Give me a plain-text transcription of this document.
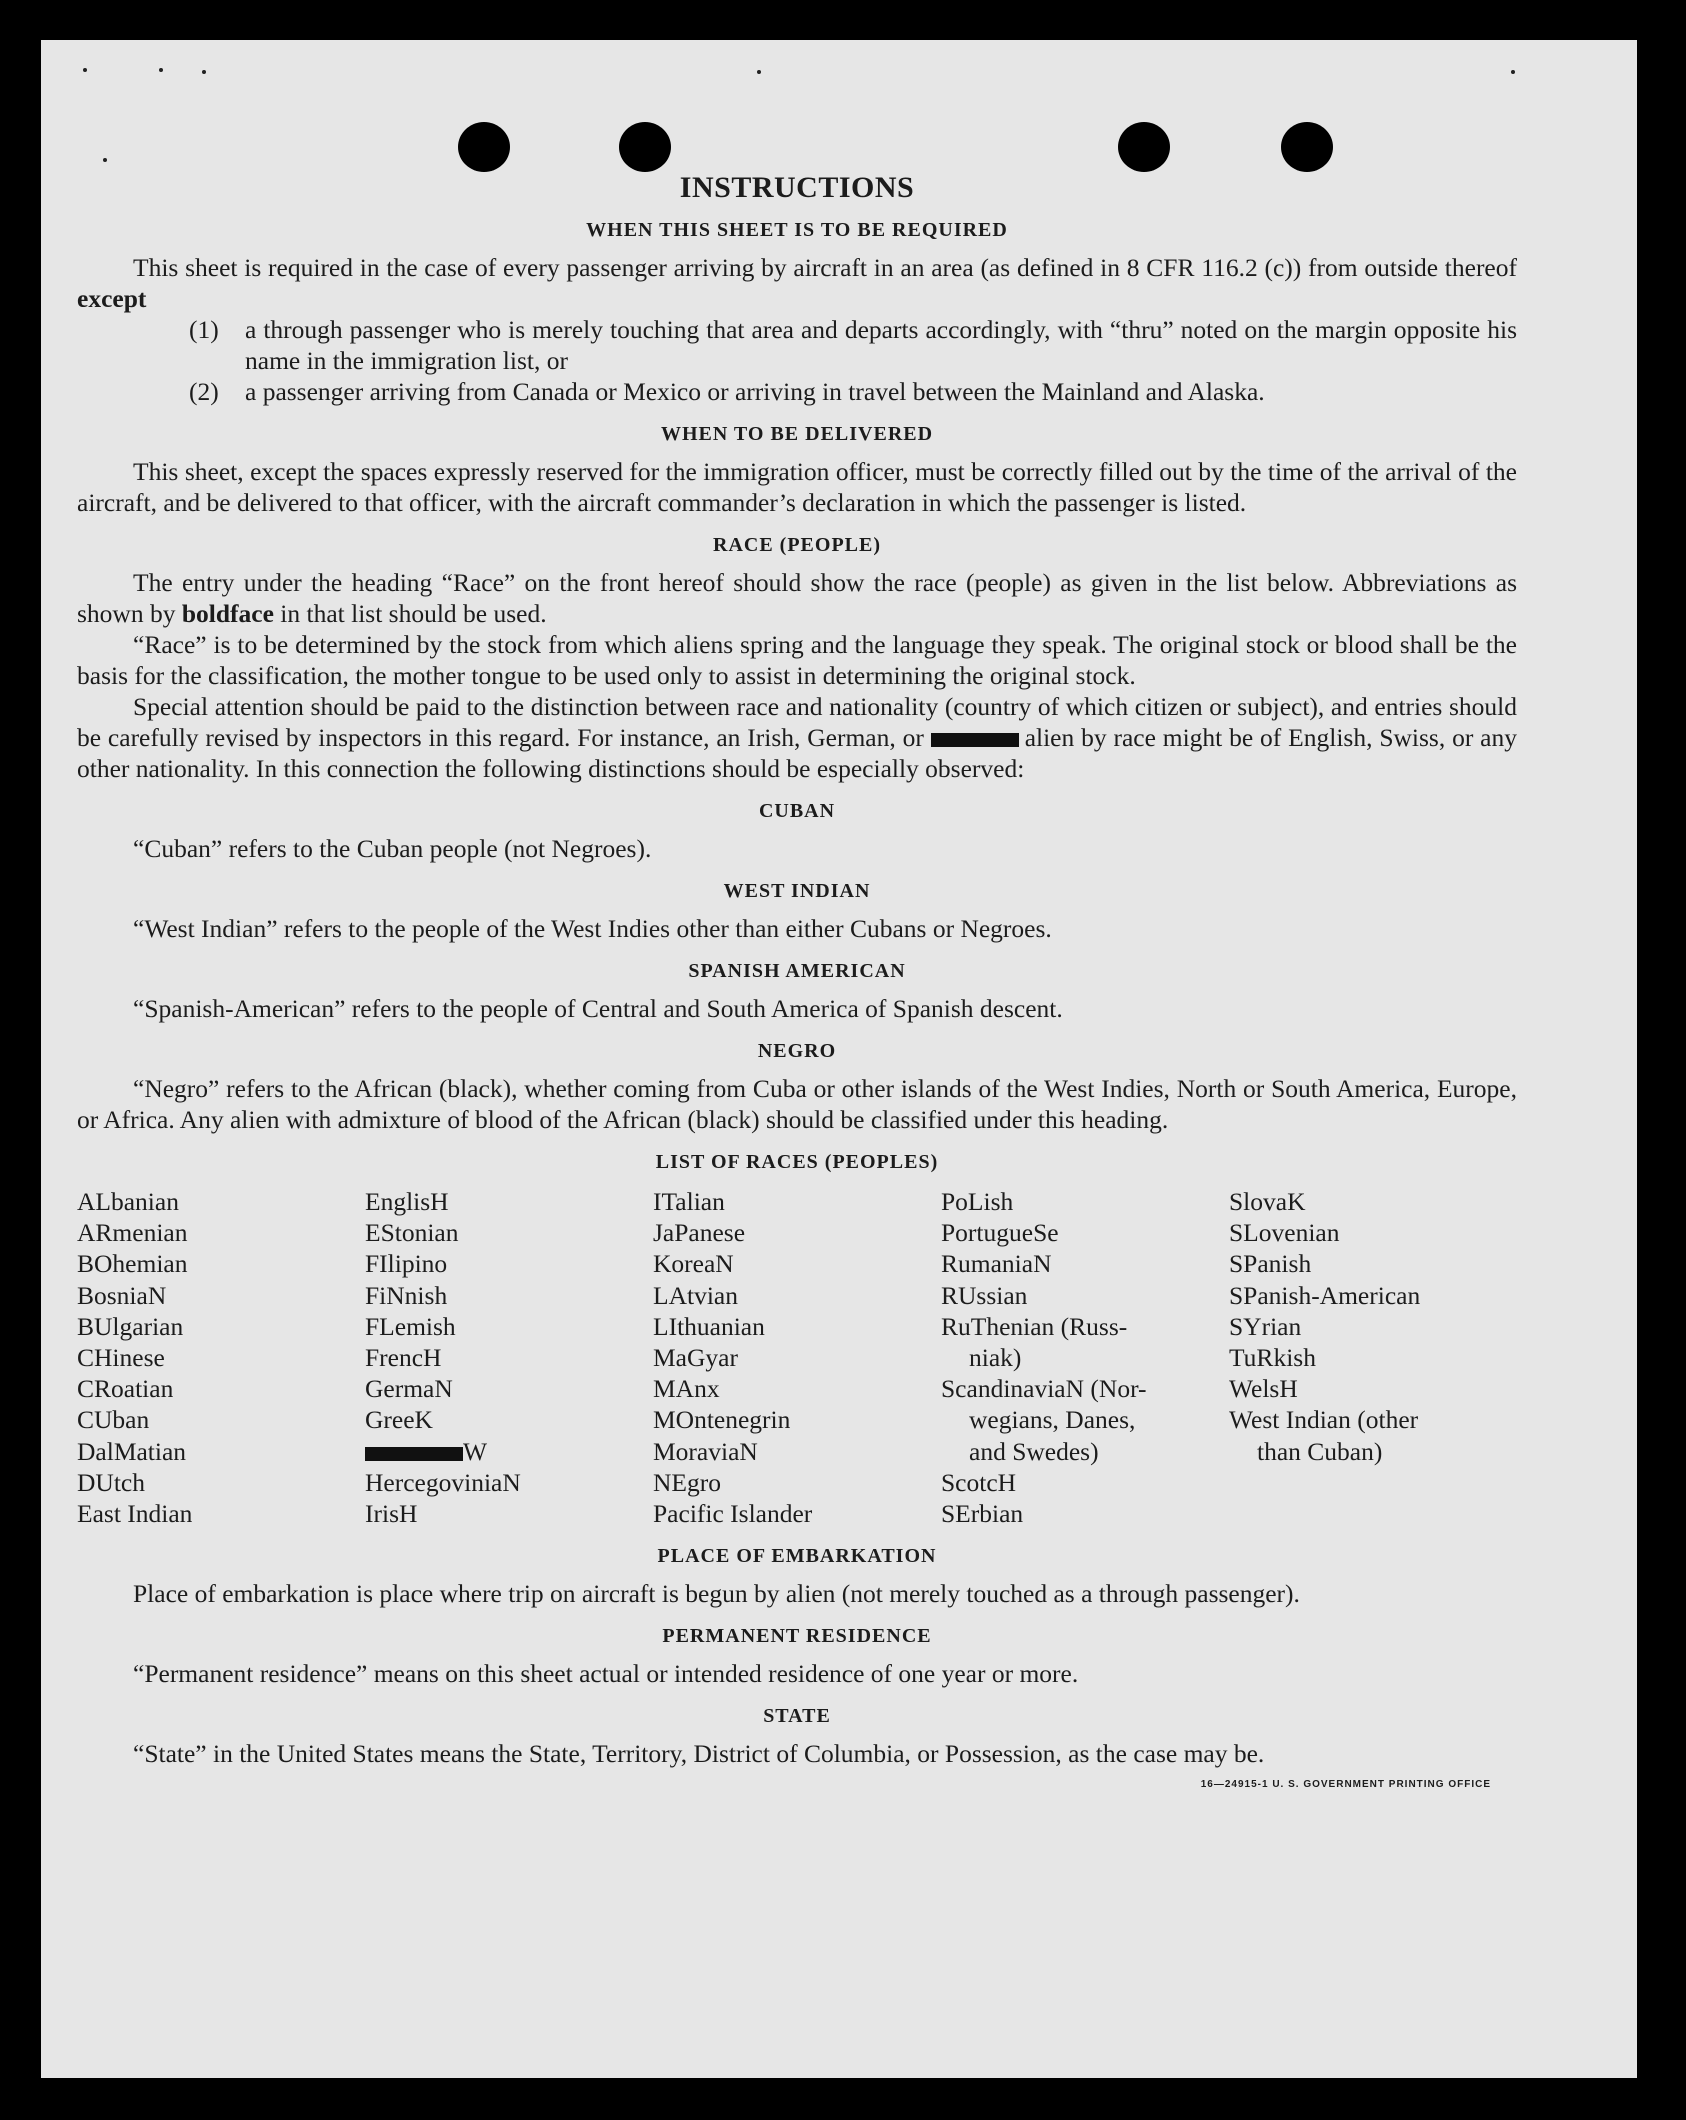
INSTRUCTIONS
WHEN THIS SHEET IS TO BE REQUIRED

This sheet is required in the case of every passenger arriving by aircraft in an area (as defined in 8 CFR 116.2 (c)) from outside thereof except

(1)	a through passenger who is merely touching that area and departs accordingly, with “thru” noted on the margin opposite his name in the immigration list, or
(2)	a passenger arriving from Canada or Mexico or arriving in travel between the Mainland and Alaska.
WHEN TO BE DELIVERED

This sheet, except the spaces expressly reserved for the immigration officer, must be correctly filled out by the time of the arrival of the aircraft, and be delivered to that officer, with the aircraft commander’s declaration in which the passenger is listed.

RACE (PEOPLE)

The entry under the heading “Race” on the front hereof should show the race (people) as given in the list below. Abbreviations as shown by boldface in that list should be used.

“Race” is to be determined by the stock from which aliens spring and the language they speak. The original stock or blood shall be the basis for the classification, the mother tongue to be used only to assist in determining the original stock.

Special attention should be paid to the distinction between race and nationality (country of which citizen or subject), and entries should be carefully revised by inspectors in this regard. For instance, an Irish, German, or	alien by race might be of English, Swiss, or any other nationality. In this connection the following distinctions should be especially observed:

CUBAN

“Cuban” refers to the Cuban people (not Negroes).

WEST INDIAN

“West Indian” refers to the people of the West Indies other than either Cubans or Negroes.

SPANISH AMERICAN

“Spanish-American” refers to the people of Central and South America of Spanish descent.

NEGRO

“Negro” refers to the African (black), whether coming from Cuba or other islands of the West Indies, North or South America, Europe, or Africa. Any alien with admixture of blood of the African (black) should be classified under this heading.

LIST OF RACES (PEOPLES)
ALbanian
ARmenian
BOhemian
BosniaN
BUlgarian
CHinese
CRoatian
CUban
DalMatian
DUtch
East Indian
EnglisH
EStonian
FIlipino
FiNnish
FLemish
FrencH
GermaN
GreeK
W
HercegoviniaN
IrisH
ITalian
JaPanese
KoreaN
LAtvian
LIthuanian
MaGyar
MAnx
MOntenegrin
MoraviaN
NEgro
Pacific Islander
PoLish
PortugueSe
RumaniaN
RUssian
RuThenian (Russ-
niak)
ScandinaviaN (Nor-
wegians, Danes,
and Swedes)
ScotcH
SErbian
SlovaK
SLovenian
SPanish
SPanish-American
SYrian
TuRkish
WelsH
West Indian (other
than Cuban)
PLACE OF EMBARKATION

Place of embarkation is place where trip on aircraft is begun by alien (not merely touched as a through passenger).

PERMANENT RESIDENCE

“Permanent residence” means on this sheet actual or intended residence of one year or more.

STATE

“State” in the United States means the State, Territory, District of Columbia, or Possession, as the case may be.

16—24915-1 U. S. GOVERNMENT PRINTING OFFICE
